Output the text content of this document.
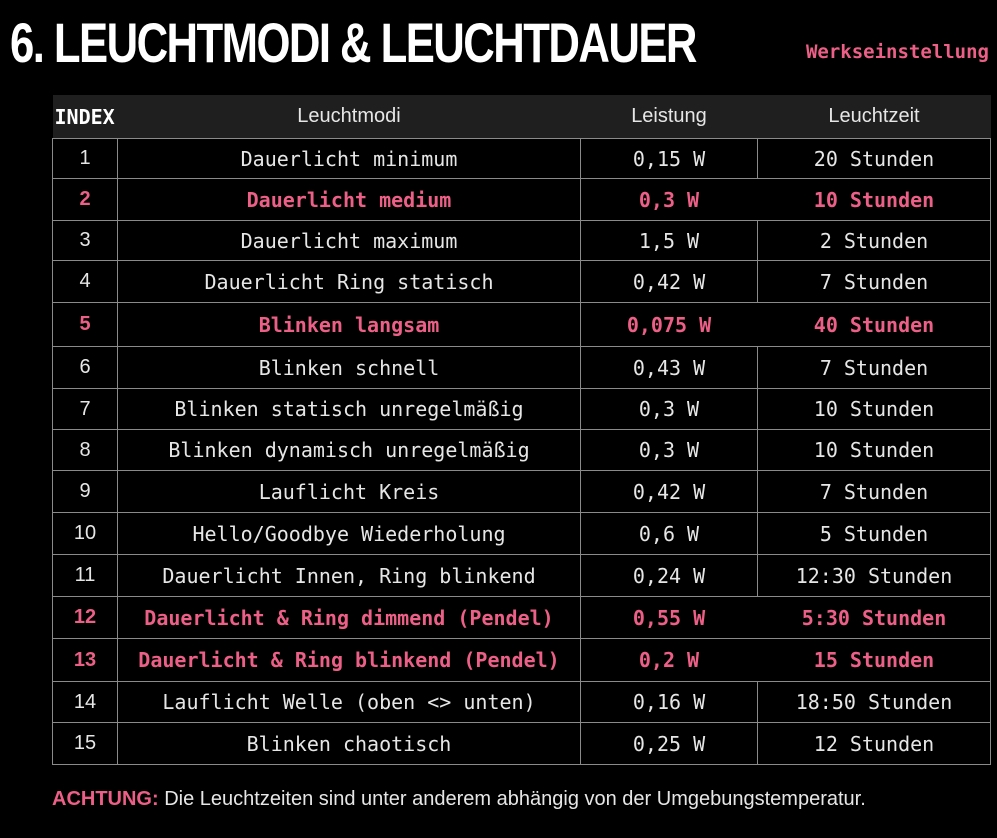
6. LEUCHTMODI & LEUCHTDAUER	Werkseinstellung
INDEX	Leuchtmodi	Leistung	Leuchtzeit
1	Dauerlicht minimum	0,15 W	20 Stunden
2	Dauerlicht medium	0,3 W	10 Stunden
3	Dauerlicht maximum	1,5 W	2 Stunden
4	Dauerlicht Ring statisch	0,42 W	7 Stunden
5	Blinken langsam	0,075 W	40 Stunden
6	Blinken schnell	0,43 W	7 Stunden
7	Blinken statisch unregelmäßig	0,3 W	10 Stunden
8	Blinken dynamisch unregelmäßig	0,3 W	10 Stunden
9	Lauflicht Kreis	0,42 W	7 Stunden
10	Hello/Goodbye Wiederholung	0,6 W	5 Stunden
11	Dauerlicht Innen, Ring blinkend	0,24 W	12:30 Stunden
12	Dauerlicht & Ring dimmend (Pendel)	0,55 W	5:30 Stunden
13	Dauerlicht & Ring blinkend (Pendel)	0,2 W	15 Stunden
14	Lauflicht Welle (oben <> unten)	0,16 W	18:50 Stunden
15	Blinken chaotisch	0,25 W	12 Stunden
ACHTUNG: Die Leuchtzeiten sind unter anderem abhängig von der Umgebungstemperatur.
